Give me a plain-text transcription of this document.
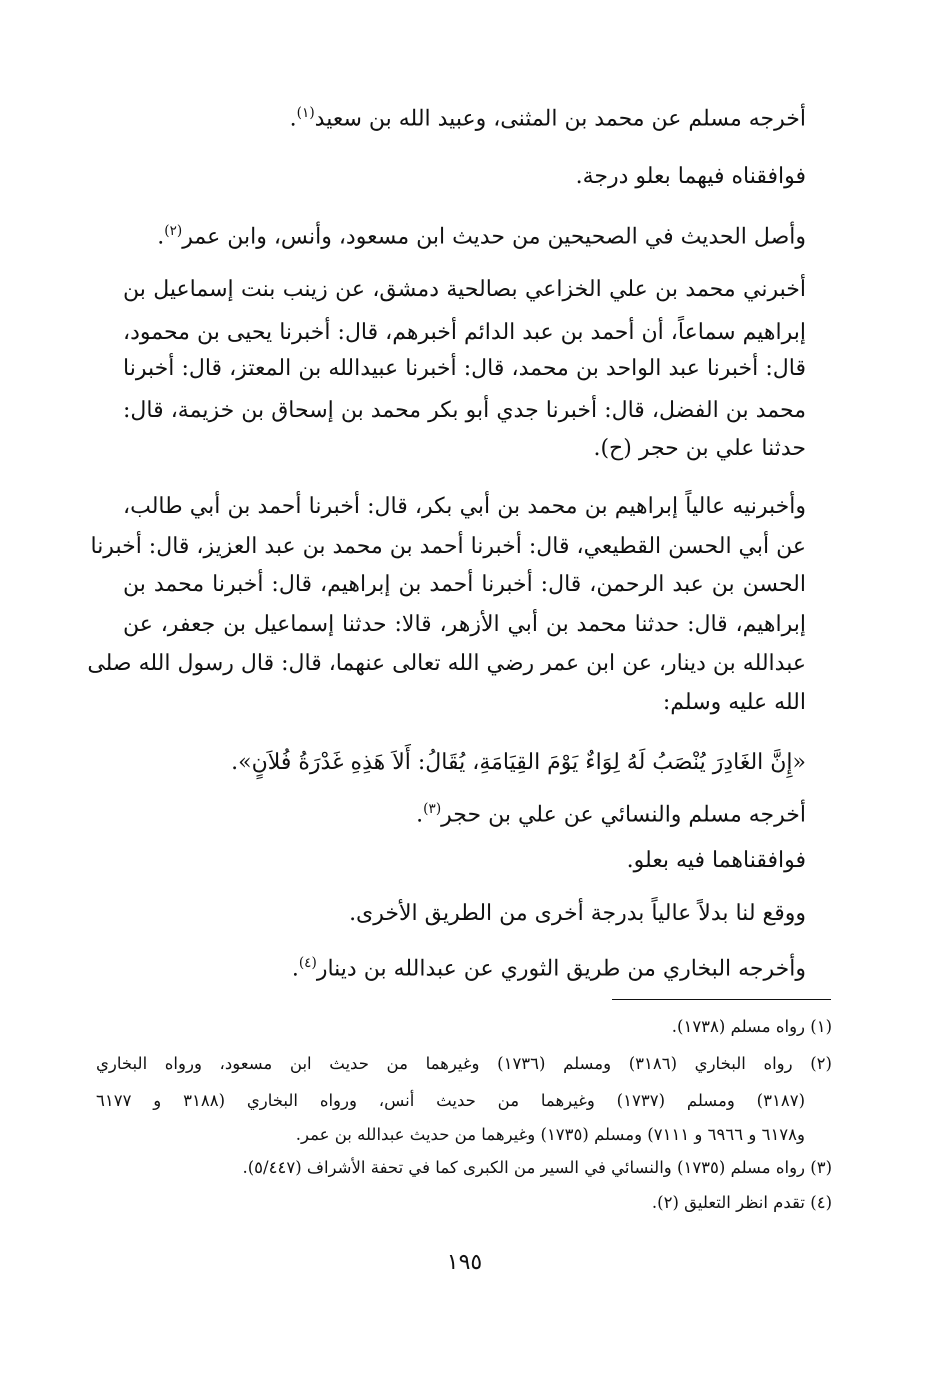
أخرجه مسلم عن محمد بن المثنى، وعبيد الله بن سعيد$^{(١)}$.

فوافقناه فيهما بعلو درجة.

وأصل الحديث في الصحيحين من حديث ابن مسعود، وأنس، وابن عمر$^{(٢)}$.

أخبرني محمد بن علي الخزاعي بصالحية دمشق، عن زينب بنت إسماعيل بن

إبراهيم سماعاً، أن أحمد بن عبد الدائم أخبرهم، قال: أخبرنا يحيى بن محمود،

قال: أخبرنا عبد الواحد بن محمد، قال: أخبرنا عبيدالله بن المعتز، قال: أخبرنا

محمد بن الفضل، قال: أخبرنا جدي أبو بكر محمد بن إسحاق بن خزيمة، قال:

حدثنا علي بن حجر (ح).

وأخبرنيه عالياً إبراهيم بن محمد بن أبي بكر، قال: أخبرنا أحمد بن أبي طالب،

عن أبي الحسن القطيعي، قال: أخبرنا أحمد بن محمد بن عبد العزيز، قال: أخبرنا

الحسن بن عبد الرحمن، قال: أخبرنا أحمد بن إبراهيم، قال: أخبرنا محمد بن

إبراهيم، قال: حدثنا محمد بن أبي الأزهر، قالا: حدثنا إسماعيل بن جعفر، عن

عبدالله بن دينار، عن ابن عمر رضي الله تعالى عنهما، قال: قال رسول الله صلى

الله عليه وسلم:

«إِنَّ الغَادِرَ يُنْصَبُ لَهُ لِوَاءٌ يَوْمَ القِيَامَةِ، يُقَالُ: أَلاَ هَذِهِ غَدْرَةُ فُلاَنٍ».

أخرجه مسلم والنسائي عن علي بن حجر$^{(٣)}$.

فوافقناهما فيه بعلو.

ووقع لنا بدلاً عالياً بدرجة أخرى من الطريق الأخرى.

وأخرجه البخاري من طريق الثوري عن عبدالله بن دينار$^{(٤)}$.

(١) رواه مسلم (١٧٣٨).

(٢) رواه البخاري (٣١٨٦) ومسلم (١٧٣٦) وغيرهما من حديث ابن مسعود، ورواه البخاري

(٣١٨٧) ومسلم (١٧٣٧) وغيرهما من حديث أنس، ورواه البخاري (٣١٨٨ و ٦١٧٧

و٦١٧٨ و ٦٩٦٦ و ٧١١١) ومسلم (١٧٣٥) وغيرهما من حديث عبدالله بن عمر.

(٣) رواه مسلم (١٧٣٥) والنسائي في السير من الكبرى كما في تحفة الأشراف (٥/٤٤٧).

(٤) تقدم انظر التعليق (٢).

١٩٥
